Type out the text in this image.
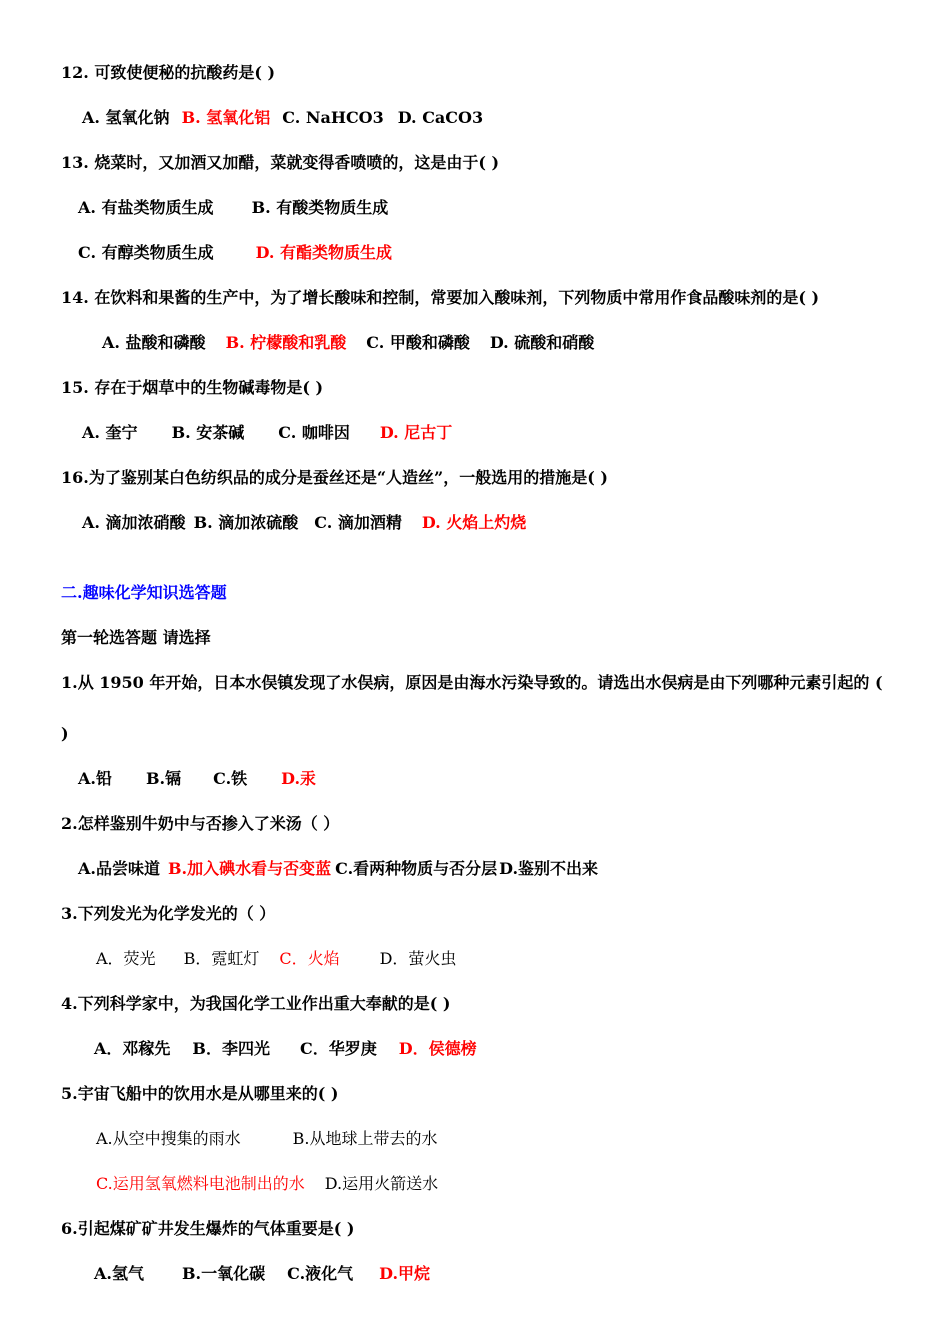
12. 可致使便秘的抗酸药是( )
A. 氢氧化钠 B. 氢氧化铝 C. NaHCO3 D. CaCO3
13. 烧菜时，又加酒又加醋，菜就变得香喷喷的，这是由于( )
A. 有盐类物质生成 B. 有酸类物质生成
C. 有醇类物质生成	D. 有酯类物质生成
14. 在饮料和果酱的生产中，为了增长酸味和控制，常要加入酸味剂，下列物质中常用作食品酸味剂的是( )
A. 盐酸和磷酸 B. 柠檬酸和乳酸 C. 甲酸和磷酸 D. 硫酸和硝酸
15. 存在于烟草中的生物碱毒物是( )
A. 奎宁 B. 安茶碱 C. 咖啡因 D. 尼古丁
16.为了鉴别某白色纺织品的成分是蚕丝还是“人造丝”，一般选用的措施是( )
A. 滴加浓硝酸 B. 滴加浓硫酸 C. 滴加酒精 D. 火焰上灼烧
二.趣味化学知识选答题
第一轮选答题 请选择
1.从 1950 年开始，日本水俣镇发现了水俣病，原因是由海水污染导致的。请选出水俣病是由下列哪种元素引起的 (
)
A.铅 B.镉 C.铁 D.汞
2.怎样鉴别牛奶中与否掺入了米汤（ ）
A.品尝味道 B.加入碘水看与否变蓝 C.看两种物质与否分层 D.鉴别不出来
3.下列发光为化学发光的（ ）
A．荧光 B．霓虹灯 C．火焰	D．萤火虫
4.下列科学家中，为我国化学工业作出重大奉献的是( )
A．邓稼先 B．李四光 C．华罗庚 D．侯德榜
5.宇宙飞船中的饮用水是从哪里来的( )
A.从空中搜集的雨水	B.从地球上带去的水
C.运用氢氧燃料电池制出的水 D.运用火箭送水
6.引起煤矿矿井发生爆炸的气体重要是( )
A.氢气 B.一氧化碳 C.液化气 D.甲烷
